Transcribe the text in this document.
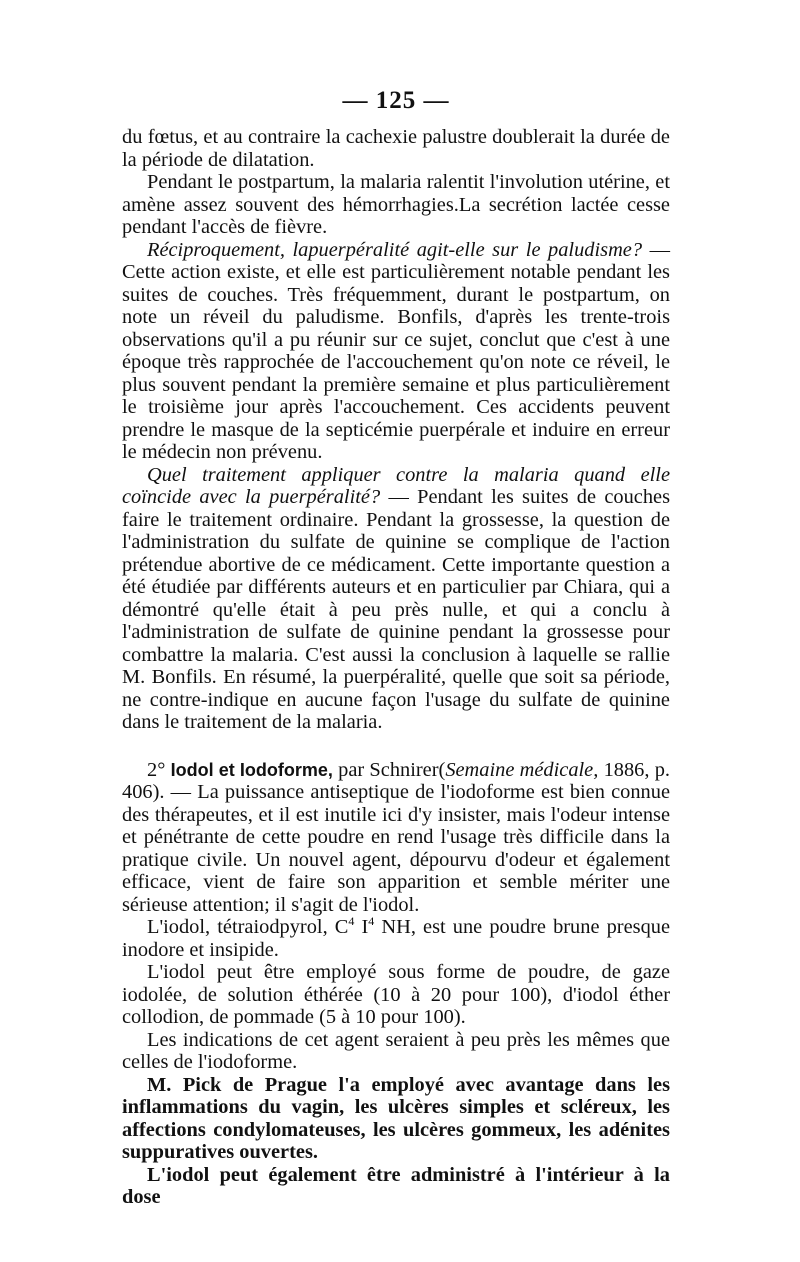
— 125 —

du fœtus, et au contraire la cachexie palustre doublerait la durée de la période de dilatation.

Pendant le postpartum, la malaria ralentit l'involution utérine, et amène assez souvent des hémorrhagies.La secrétion lactée cesse pendant l'accès de fièvre.

Réciproquement, lapuerpéralité agit-elle sur le paludisme? — Cette action existe, et elle est particulièrement notable pendant les suites de couches. Très fréquemment, durant le postpartum, on note un réveil du paludisme. Bonfils, d'après les trente-trois observations qu'il a pu réunir sur ce sujet, conclut que c'est à une époque très rapprochée de l'accouchement qu'on note ce réveil, le plus souvent pendant la première semaine et plus particulièrement le troisième jour après l'accouchement. Ces accidents peuvent prendre le masque de la septicémie puerpérale et induire en erreur le médecin non prévenu.

Quel traitement appliquer contre la malaria quand elle coïncide avec la puerpéralité? — Pendant les suites de couches faire le traitement ordinaire. Pendant la grossesse, la question de l'administration du sulfate de quinine se complique de l'action prétendue abortive de ce médicament. Cette importante question a été étudiée par différents auteurs et en particulier par Chiara, qui a démontré qu'elle était à peu près nulle, et qui a conclu à l'administration de sulfate de quinine pendant la grossesse pour combattre la malaria. C'est aussi la conclusion à laquelle se rallie M. Bonfils. En résumé, la puerpéralité, quelle que soit sa période, ne contre-indique en aucune façon l'usage du sulfate de quinine dans le traitement de la malaria.

2° Iodol et Iodoforme, par Schnirer(Semaine médicale, 1886, p. 406). — La puissance antiseptique de l'iodoforme est bien connue des thérapeutes, et il est inutile ici d'y insister, mais l'odeur intense et pénétrante de cette poudre en rend l'usage très difficile dans la pratique civile. Un nouvel agent, dépourvu d'odeur et également efficace, vient de faire son apparition et semble mériter une sérieuse attention; il s'agit de l'iodol.

L'iodol, tétraiodpyrol, $C^4$ $I^4$ NH, est une poudre brune presque inodore et insipide.

L'iodol peut être employé sous forme de poudre, de gaze iodolée, de solution éthérée (10 à 20 pour 100), d'iodol éther collodion, de pommade (5 à 10 pour 100).

Les indications de cet agent seraient à peu près les mêmes que celles de l'iodoforme.

M. Pick de Prague l'a employé avec avantage dans les inflammations du vagin, les ulcères simples et scléreux, les affections condylomateuses, les ulcères gommeux, les adénites suppuratives ouvertes.

L'iodol peut également être administré à l'intérieur à la dose
